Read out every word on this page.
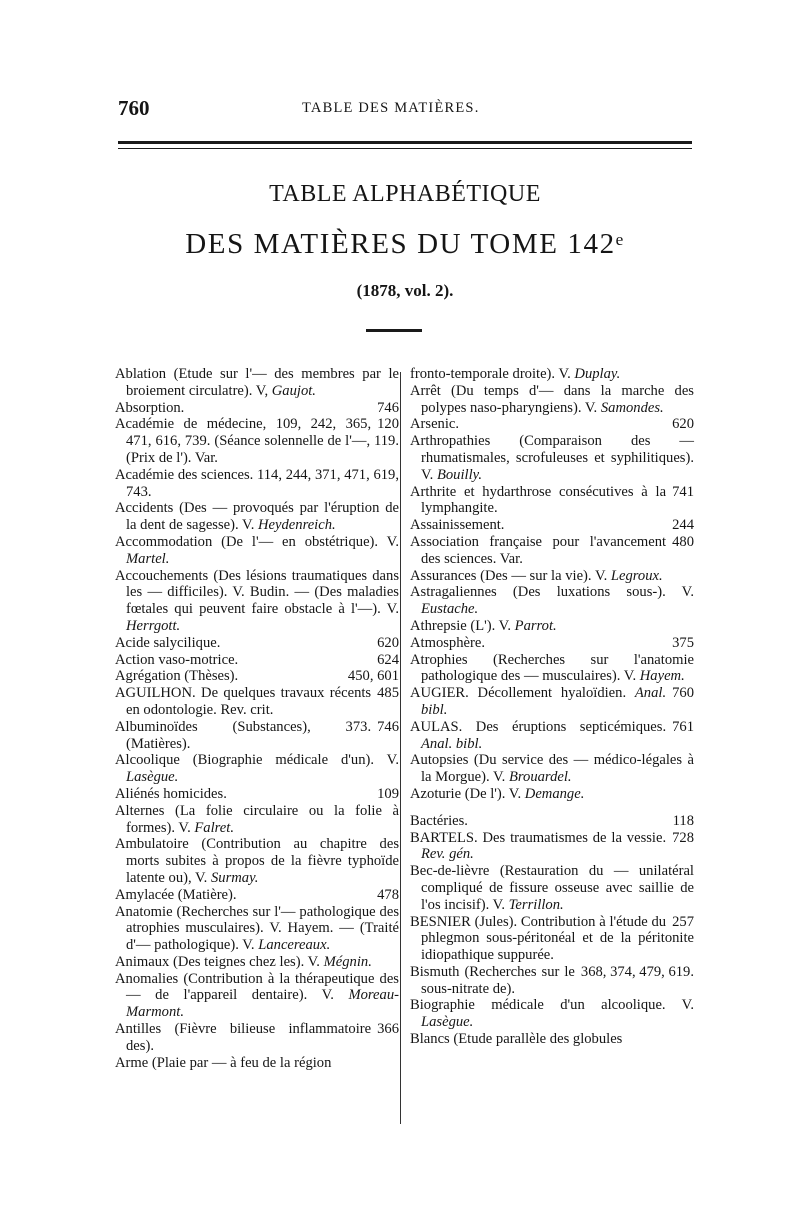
760	TABLE DES MATIÈRES.
TABLE ALPHABÉTIQUE
DES MATIÈRES DU TOME 142ᵉ
(1878, vol. 2).
Ablation (Etude sur l'— des membres par le broiement circulatre). V, Gaujot.
746
Absorption.
120
Académie de médecine, 109, 242, 365, 471, 616, 739. (Séance solennelle de l'—, 119. (Prix de l'). Var.
Académie des sciences. 114, 244, 371, 471, 619, 743.
Accidents (Des — provoqués par l'éruption de la dent de sagesse). V. Heydenreich.
Accommodation (De l'— en obstétrique). V. Martel.
Accouchements (Des lésions traumatiques dans les — difficiles). V. Budin. — (Des maladies fœtales qui peuvent faire obstacle à l'—). V. Herrgott.
620
Acide salycilique.
624
Action vaso-motrice.
450, 601
Agrégation (Thèses).
485
AGUILHON. De quelques travaux récents en odontologie. Rev. crit.
746
Albuminoïdes (Substances), 373. (Matières).
Alcoolique (Biographie médicale d'un). V. Lasègue.
109
Aliénés homicides.
Alternes (La folie circulaire ou la folie à formes). V. Falret.
Ambulatoire (Contribution au chapitre des morts subites à propos de la fièvre typhoïde latente ou), V. Surmay.
478
Amylacée (Matière).
Anatomie (Recherches sur l'— pathologique des atrophies musculaires). V. Hayem. — (Traité d'— pathologique). V. Lancereaux.
Animaux (Des teignes chez les). V. Mégnin.
Anomalies (Contribution à la thérapeutique des — de l'appareil dentaire). V. Moreau-Marmont.
366
Antilles (Fièvre bilieuse inflammatoire des).
Arme (Plaie par — à feu de la région
fronto-temporale droite). V. Duplay.
Arrêt (Du temps d'— dans la marche des polypes naso-pharyngiens). V. Samondes.
620
Arsenic.
Arthropathies (Comparaison des — rhumatismales, scrofuleuses et syphilitiques). V. Bouilly.
741
Arthrite et hydarthrose consécutives à la lymphangite.
244
Assainissement.
480
Association française pour l'avancement des sciences. Var.
Assurances (Des — sur la vie). V. Legroux.
Astragaliennes (Des luxations sous-). V. Eustache.
Athrepsie (L'). V. Parrot.
375
Atmosphère.
Atrophies (Recherches sur l'anatomie pathologique des — musculaires). V. Hayem.
760
AUGIER. Décollement hyaloïdien. Anal. bibl.
761
AULAS. Des éruptions septicémiques. Anal. bibl.
Autopsies (Du service des — médico-légales à la Morgue). V. Brouardel.
Azoturie (De l'). V. Demange.
118
Bactéries.
728
BARTELS. Des traumatismes de la vessie. Rev. gén.
Bec-de-lièvre (Restauration du — unilatéral compliqué de fissure osseuse avec saillie de l'os incisif). V. Terrillon.
257
BESNIER (Jules). Contribution à l'étude du phlegmon sous-péritonéal et de la péritonite idiopathique suppurée.
368, 374, 479, 619.
Bismuth (Recherches sur le sous-nitrate de).
Biographie médicale d'un alcoolique. V. Lasègue.
Blancs (Etude parallèle des globules
